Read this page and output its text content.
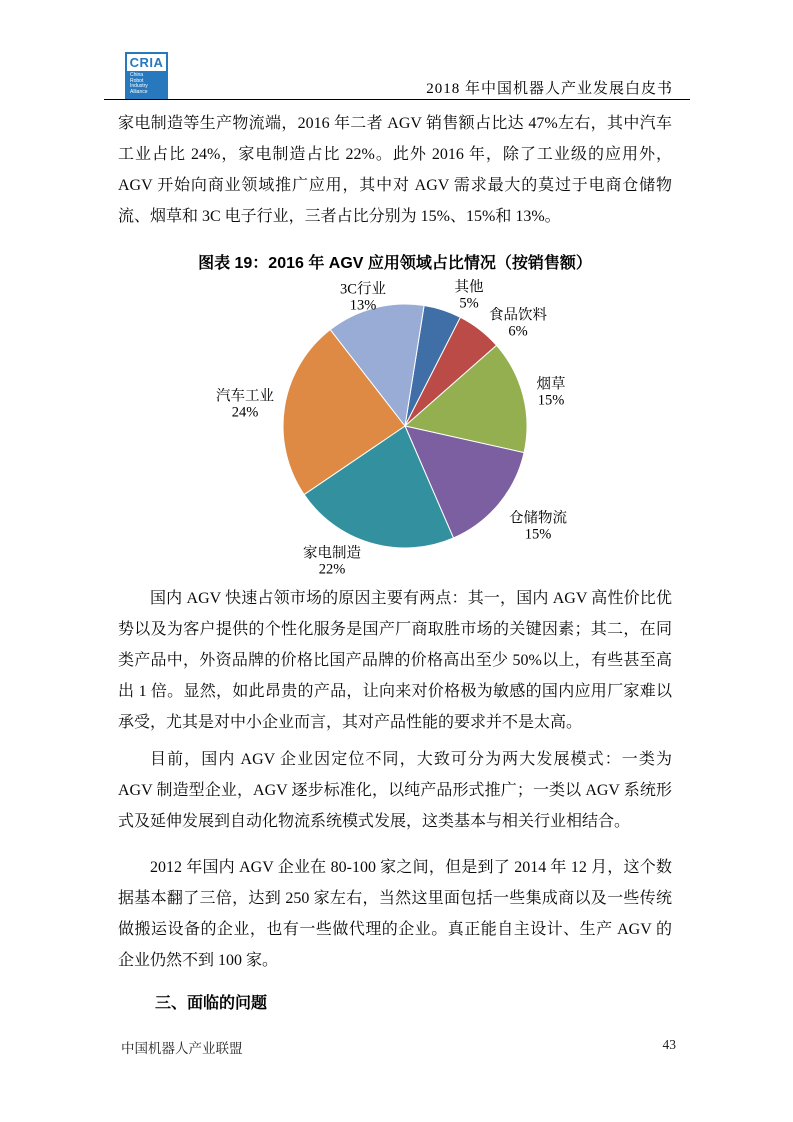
CRIA
China
Robot
Industry
Alliance	2018 年中国机器人产业发展白皮书

家电制造等生产物流端，2016 年二者 AGV 销售额占比达 47%左右，其中汽车工业占比 24%，家电制造占比 22%。此外 2016 年，除了工业级的应用外，AGV 开始向商业领域推广应用，其中对 AGV 需求最大的莫过于电商仓储物流、烟草和 3C 电子行业，三者占比分别为 15%、15%和 13%。

图表 19：2016 年 AGV 应用领域占比情况（按销售额）
其他
5%
食品饮料
6%
烟草
15%
仓储物流
15%
家电制造
22%
汽车工业
24%
3C行业
13%

国内 AGV 快速占领市场的原因主要有两点：其一，国内 AGV 高性价比优势以及为客户提供的个性化服务是国产厂商取胜市场的关键因素；其二，在同类产品中，外资品牌的价格比国产品牌的价格高出至少 50%以上，有些甚至高出 1 倍。显然，如此昂贵的产品，让向来对价格极为敏感的国内应用厂家难以承受，尤其是对中小企业而言，其对产品性能的要求并不是太高。

目前，国内 AGV 企业因定位不同，大致可分为两大发展模式：一类为 AGV 制造型企业，AGV 逐步标准化，以纯产品形式推广；一类以 AGV 系统形式及延伸发展到自动化物流系统模式发展，这类基本与相关行业相结合。

2012 年国内 AGV 企业在 80-100 家之间，但是到了 2014 年 12 月，这个数据基本翻了三倍，达到 250 家左右，当然这里面包括一些集成商以及一些传统做搬运设备的企业，也有一些做代理的企业。真正能自主设计、生产 AGV 的企业仍然不到 100 家。

三、面临的问题
中国机器人产业联盟	43
